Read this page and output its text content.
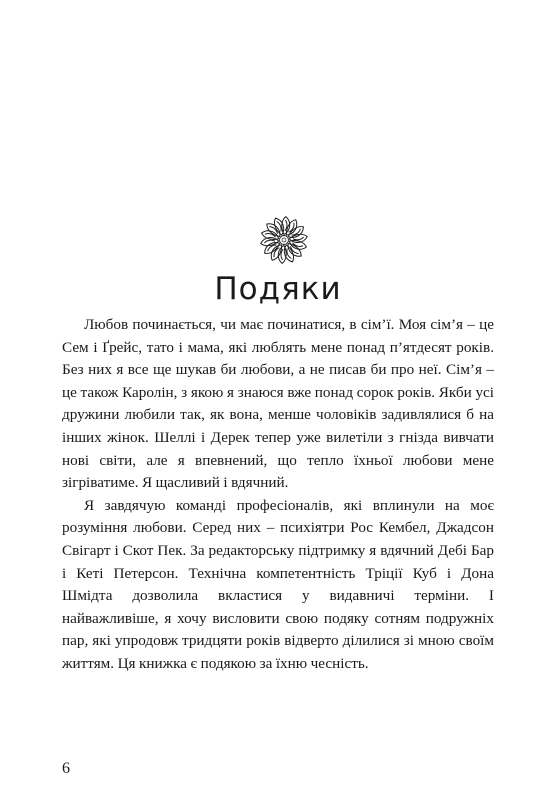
Подяки

Любов починається, чи має починатися, в сім’ї. Моя сім’я – це Сем і Ґрейс, тато і мама, які люблять мене понад п’ятдесят років. Без них я все ще шукав би любови, а не писав би про неї. Сім’я – це також Каролін, з якою я знаюся вже понад сорок років. Якби усі дружини любили так, як вона, менше чоловіків задивлялися б на інших жінок. Шеллі і Дерек тепер уже вилетіли з гнізда вивчати нові світи, але я впевнений, що тепло їхньої любови мене зігріватиме. Я щасливий і вдячний.

Я завдячую команді професіоналів, які вплинули на моє розуміння любови. Серед них – психіятри Рос Кембел, Джадсон Свігарт і Скот Пек. За редакторську підтримку я вдячний Дебі Бар і Кеті Петерсон. Технічна компетентність Тріції Куб і Дона Шмідта дозволила вкластися у видавничі терміни. І найважливіше, я хочу висловити свою подяку сотням подружніх пар, які упродовж тридцяти років відверто ділилися зі мною своїм життям. Ця книжка є подякою за їхню чесність.

6
